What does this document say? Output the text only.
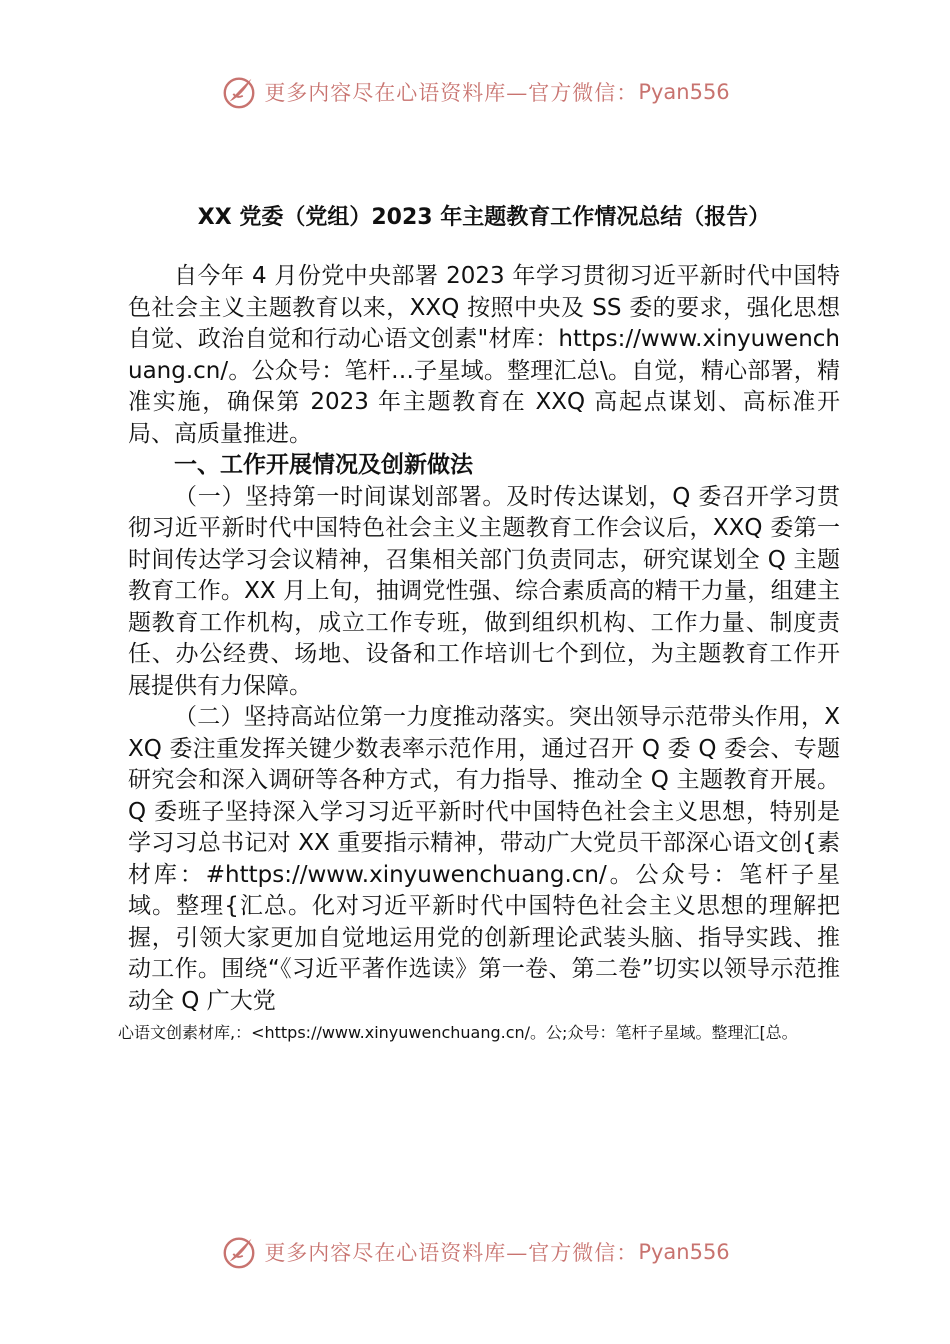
更多内容尽在心语资料库—官方微信： Pyan556

XX 党委（党组）2023 年主题教育工作情况总结（报告）

自今年 4 月份党中央部署 2023 年学习贯彻习近平新时代中国特色社会主义主题教育以来，XXQ 按照中央及 SS 委的要求，强化思想自觉、政治自觉和行动心语文创素"材库：https://www.xinyuwenchuang.cn/。公众号：笔杆…子星域。整理汇总\。自觉，精心部署，精准实施，确保第 2023 年主题教育在 XXQ 高起点谋划、高标准开局、高质量推进。

一、工作开展情况及创新做法

（一）坚持第一时间谋划部署。及时传达谋划，Q 委召开学习贯彻习近平新时代中国特色社会主义主题教育工作会议后，XXQ 委第一时间传达学习会议精神，召集相关部门负责同志，研究谋划全 Q 主题教育工作。XX 月上旬，抽调党性强、综合素质高的精干力量，组建主题教育工作机构，成立工作专班，做到组织机构、工作力量、制度责任、办公经费、场地、设备和工作培训七个到位，为主题教育工作开展提供有力保障。

（二）坚持高站位第一力度推动落实。突出领导示范带头作用，XXQ 委注重发挥关键少数表率示范作用，通过召开 Q 委 Q 委会、专题研究会和深入调研等各种方式，有力指导、推动全 Q 主题教育开展。Q 委班子坚持深入学习习近平新时代中国特色社会主义思想，特别是学习习总书记对 XX 重要指示精神，带动广大党员干部深心语文创{素材库：#https://www.xinyuwenchuang.cn/。公众号：笔杆子星域。整理{汇总。化对习近平新时代中国特色社会主义思想的理解把握，引领大家更加自觉地运用党的创新理论武装头脑、指导实践、推动工作。围绕“《习近平著作选读》第一卷、第二卷”切实以领导示范推动全 Q 广大党

心语文创素材库,：<https://www.xinyuwenchuang.cn/。公;众号：笔杆子星域。整理汇[总。
更多内容尽在心语资料库—官方微信： Pyan556
